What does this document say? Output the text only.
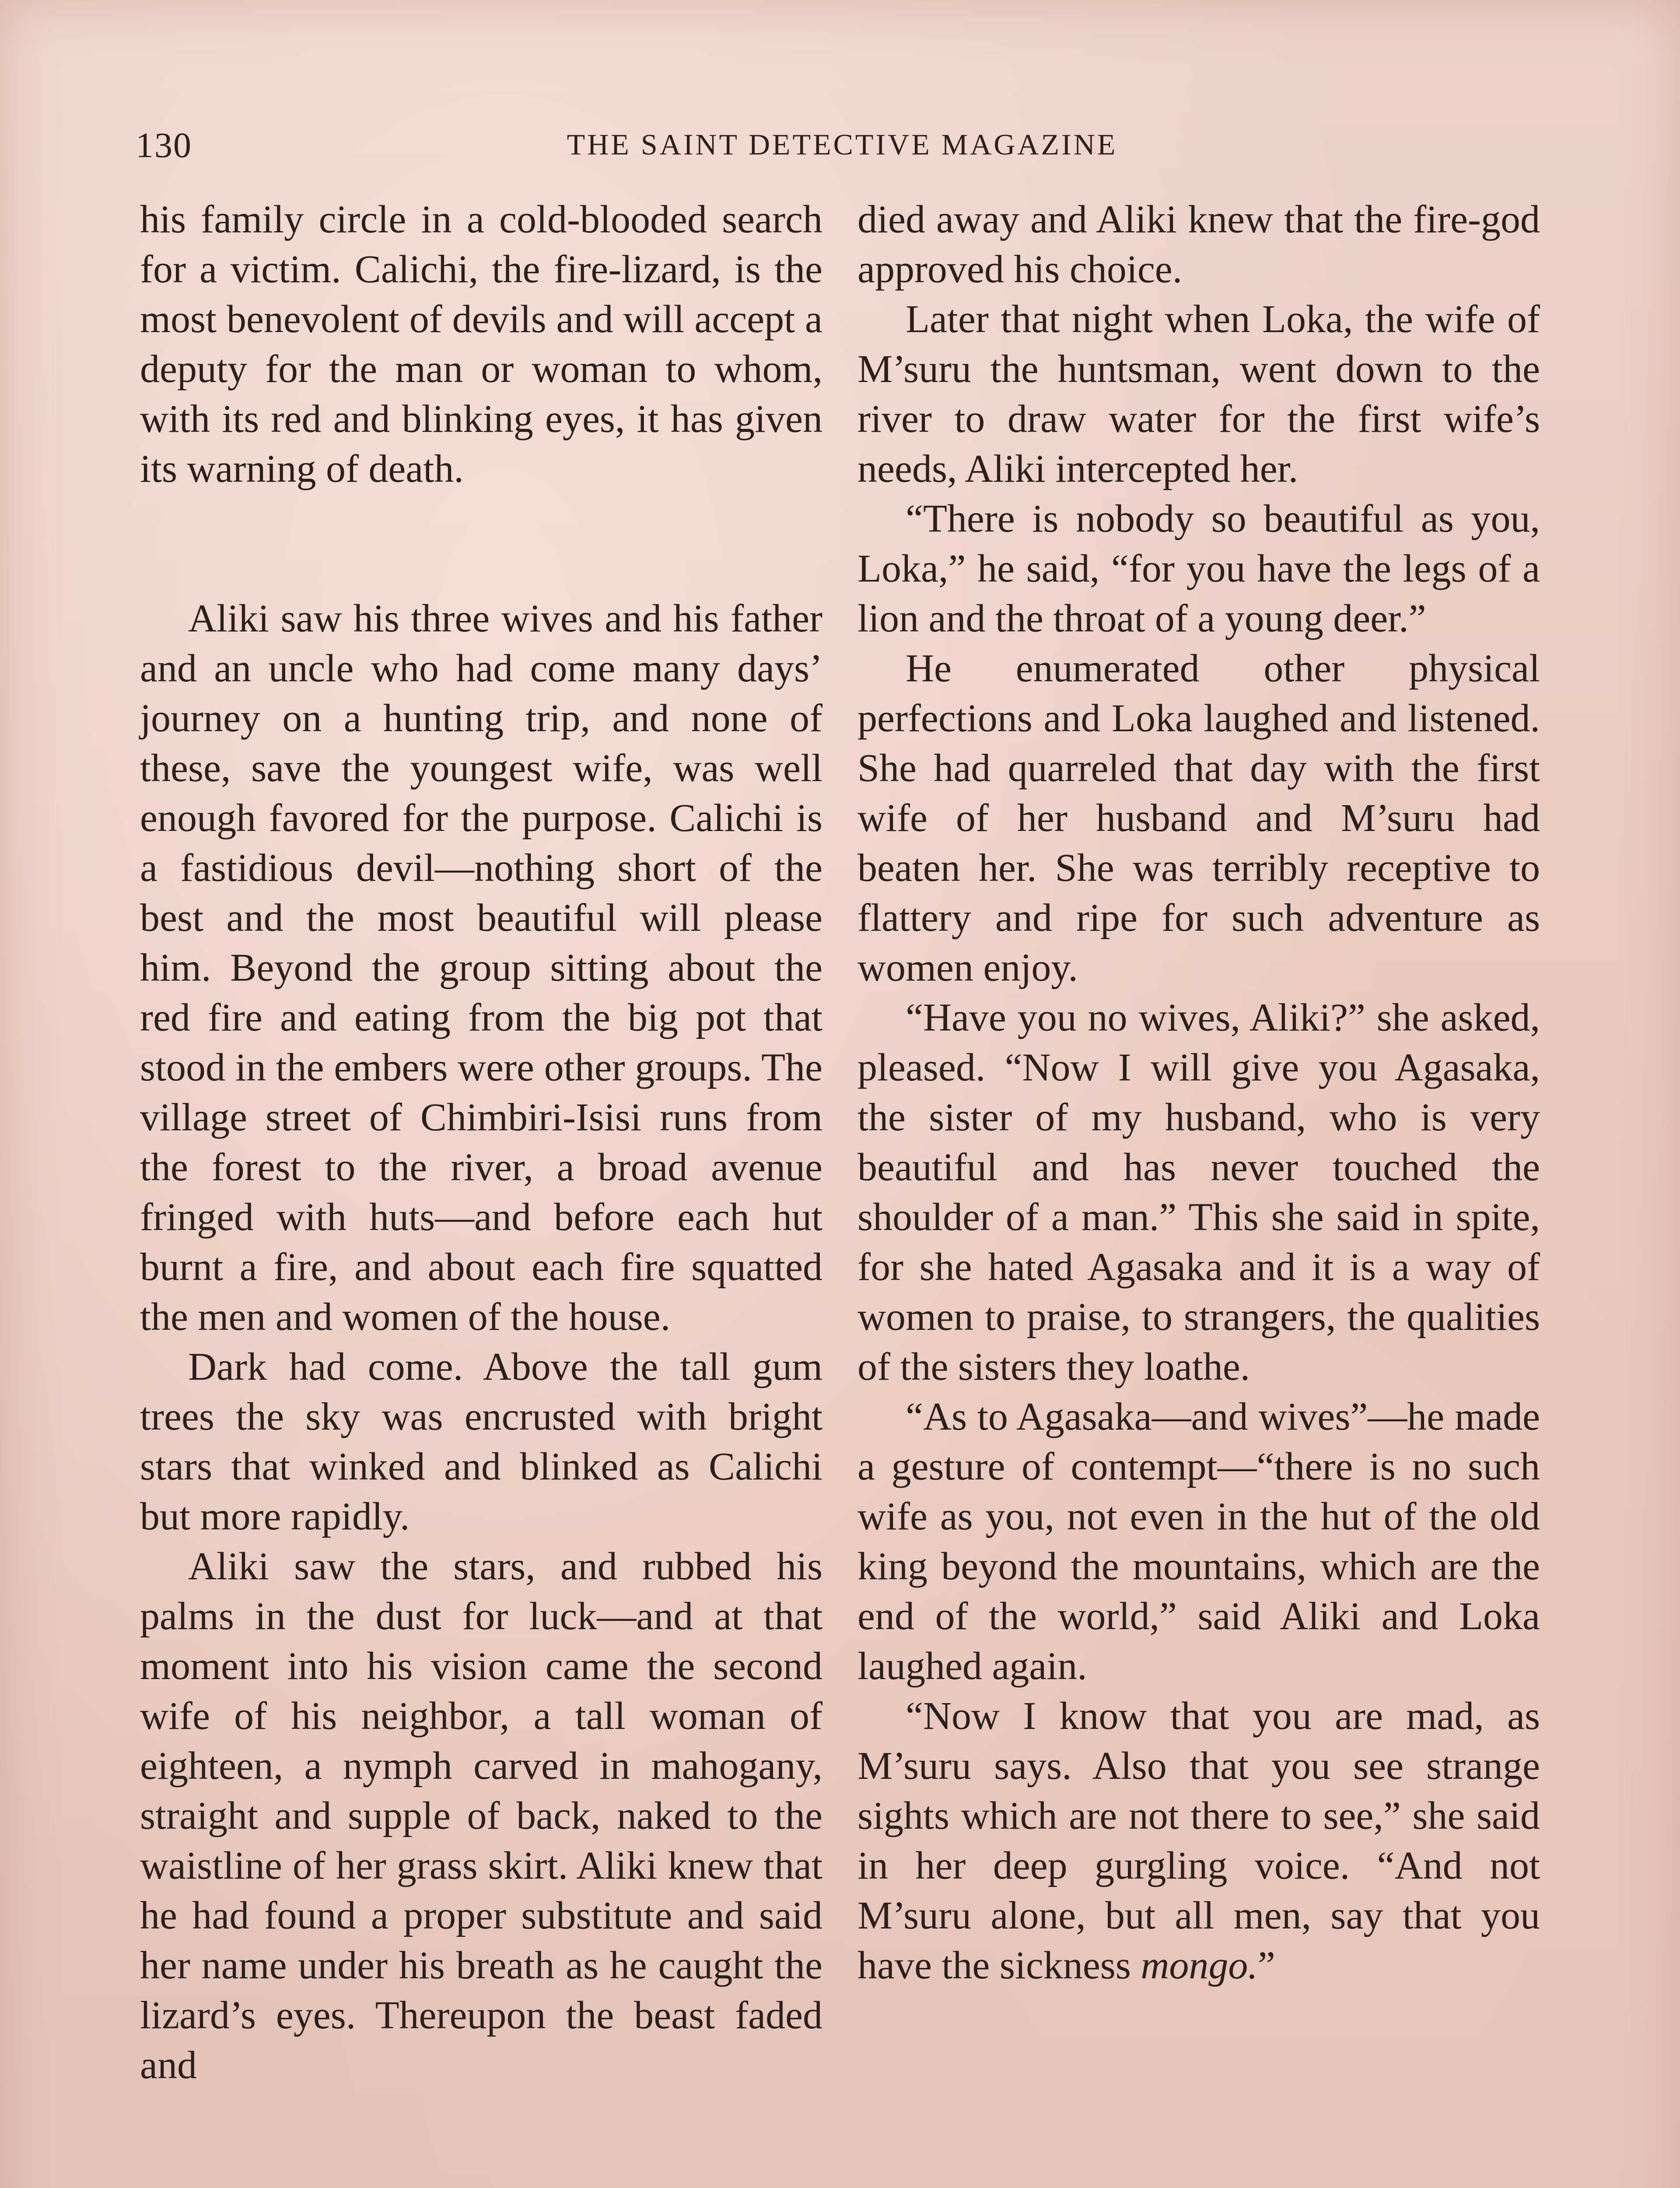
130	THE SAINT DETECTIVE MAGAZINE

his family circle in a cold-blooded search for a victim. Calichi, the fire-lizard, is the most benevolent of devils and will accept a deputy for the man or woman to whom, with its red and blinking eyes, it has given its warning of death.

Aliki saw his three wives and his father and an uncle who had come many days’ journey on a hunting trip, and none of these, save the youngest wife, was well enough favored for the purpose. Calichi is a fastidious devil—nothing short of the best and the most beautiful will please him. Beyond the group sitting about the red fire and eating from the big pot that stood in the embers were other groups. The village street of Chimbiri-Isisi runs from the forest to the river, a broad avenue fringed with huts—and before each hut burnt a fire, and about each fire squatted the men and women of the house.

Dark had come. Above the tall gum trees the sky was encrusted with bright stars that winked and blinked as Calichi but more rapidly.

Aliki saw the stars, and rubbed his palms in the dust for luck—and at that moment into his vision came the second wife of his neighbor, a tall woman of eighteen, a nymph carved in mahogany, straight and supple of back, naked to the waistline of her grass skirt. Aliki knew that he had found a proper substitute and said her name under his breath as he caught the lizard’s eyes. Thereupon the beast faded and

died away and Aliki knew that the fire-god approved his choice.

Later that night when Loka, the wife of M’suru the huntsman, went down to the river to draw water for the first wife’s needs, Aliki intercepted her.

“There is nobody so beautiful as you, Loka,” he said, “for you have the legs of a lion and the throat of a young deer.”

He enumerated other physical perfections and Loka laughed and listened. She had quarreled that day with the first wife of her husband and M’suru had beaten her. She was terribly receptive to flattery and ripe for such adventure as women enjoy.

“Have you no wives, Aliki?” she asked, pleased. “Now I will give you Agasaka, the sister of my husband, who is very beautiful and has never touched the shoulder of a man.” This she said in spite, for she hated Agasaka and it is a way of women to praise, to strangers, the qualities of the sisters they loathe.

“As to Agasaka—and wives”—he made a gesture of contempt—“there is no such wife as you, not even in the hut of the old king beyond the mountains, which are the end of the world,” said Aliki and Loka laughed again.

“Now I know that you are mad, as M’suru says. Also that you see strange sights which are not there to see,” she said in her deep gurgling voice. “And not M’suru alone, but all men, say that you have the sickness mongo.”
